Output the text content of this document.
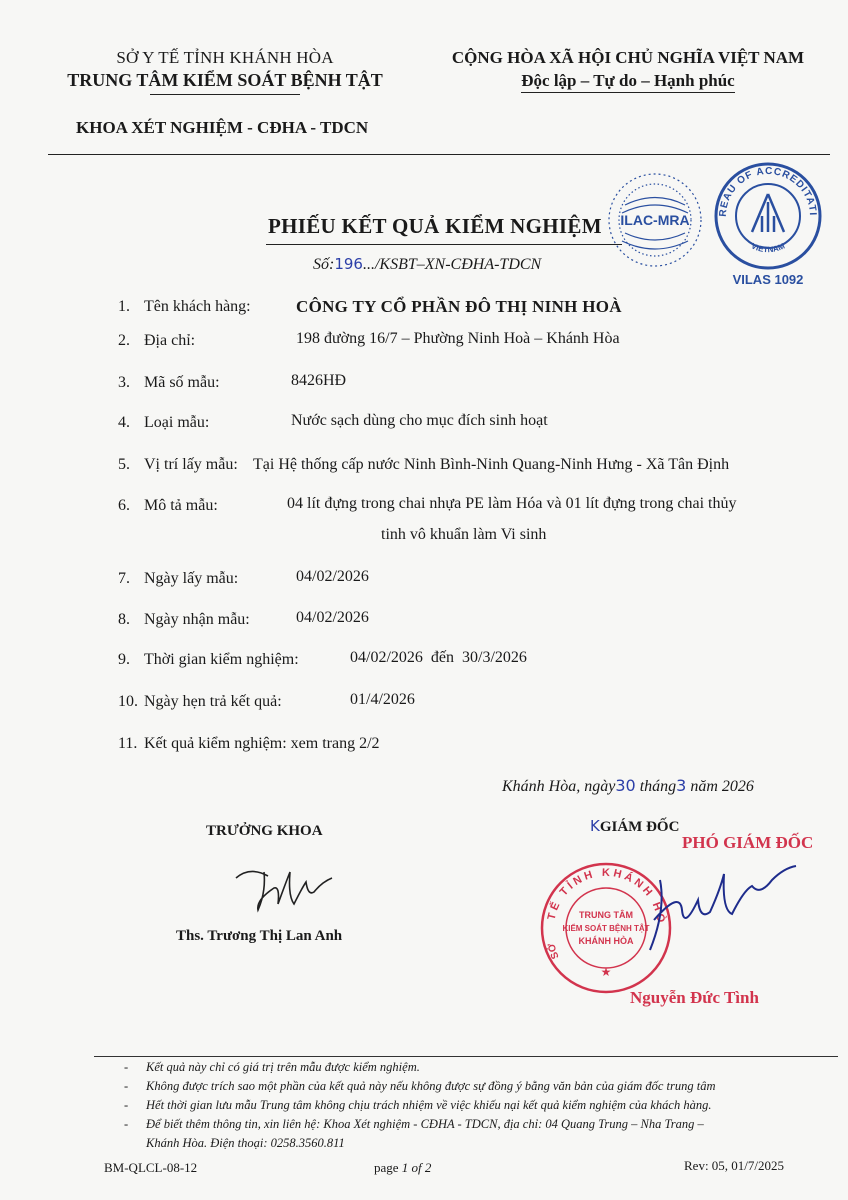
SỞ Y TẾ TỈNH KHÁNH HÒA
TRUNG TÂM KIỂM SOÁT BỆNH TẬT
CỘNG HÒA XÃ HỘI CHỦ NGHĨA VIỆT NAM
Độc lập – Tự do – Hạnh phúc
KHOA XÉT NGHIỆM - CĐHA - TDCN
ILAC-MRA
BUREAU OF ACCREDITATION
VIETNAM
VILAS 1092
PHIẾU KẾT QUẢ KIỂM NGHIỆM
Số:196.../KSBT–XN-CĐHA-TDCN
1. Tên khách hàng:	CÔNG TY CỔ PHẦN ĐÔ THỊ NINH HOÀ
2. Địa chỉ:	198 đường 16/7 – Phường Ninh Hoà – Khánh Hòa
3. Mã số mẫu:	8426HĐ
4. Loại mẫu:	Nước sạch dùng cho mục đích sinh hoạt
5. Vị trí lấy mẫu: Tại Hệ thống cấp nước Ninh Bình-Ninh Quang-Ninh Hưng - Xã Tân Định
6. Mô tả mẫu:	04 lít đựng trong chai nhựa PE làm Hóa và 01 lít đựng trong chai thủy
tinh vô khuẩn làm Vi sinh
7. Ngày lấy mẫu:	04/02/2026
8. Ngày nhận mẫu:	04/02/2026
9. Thời gian kiểm nghiệm:	04/02/2026  đến  30/3/2026
10. Ngày hẹn trả kết quả:	01/4/2026
11. Kết quả kiểm nghiệm: xem trang 2/2
Khánh Hòa, ngày30 tháng3 năm 2026
TRƯỞNG KHOA
Ths. Trương Thị Lan Anh
KGIÁM ĐỐC
PHÓ GIÁM ĐỐC
Y TẾ TỈNH KHÁNH HÒA
SỞ
TRUNG TÂM
KIỂM SOÁT BỆNH TẬT
KHÁNH HÒA
★
Nguyễn Đức Tình
- Kết quả này chỉ có giá trị trên mẫu được kiểm nghiệm.
- Không được trích sao một phần của kết quả này nếu không được sự đồng ý bằng văn bản của giám đốc trung tâm
- Hết thời gian lưu mẫu Trung tâm không chịu trách nhiệm về việc khiếu nại kết quả kiểm nghiệm của khách hàng.
- Để biết thêm thông tin, xin liên hệ: Khoa Xét nghiệm - CĐHA - TDCN, địa chỉ: 04 Quang Trung – Nha Trang –
Khánh Hòa. Điện thoại: 0258.3560.811
BM-QLCL-08-12	page 1 of 2	Rev: 05, 01/7/2025
